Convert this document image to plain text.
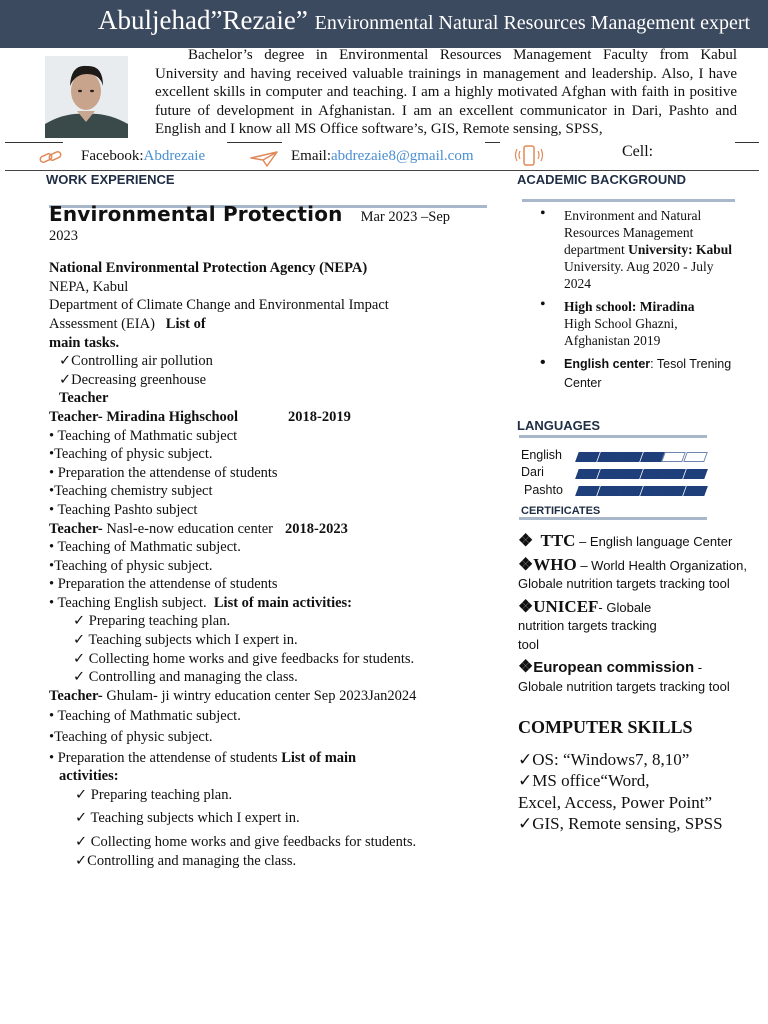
Abuljehad”Rezaie” Environmental Natural Resources Management expert

Bachelor’s degree in Environmental Resources Management Faculty from Kabul University and having received valuable trainings in management and leadership. Also, I have excellent skills in computer and teaching. I am a highly motivated Afghan with faith in positive future of development in Afghanistan. I am an excellent communicator in Dari, Pashto and English and I know all MS Office software’s, GIS, Remote sensing, SPSS,

Facebook:Abdrezaie	Email:abdrezaie8@gmail.com	Cell:
WORK EXPERIENCE	ACADEMIC BACKGROUND
Environmental Protection Mar 2023 –Sep
2023
National Environmental Protection Agency (NEPA)
NEPA, Kabul
Department of Climate Change and Environmental Impact
Assessment (EIA) List of
main tasks.
✓Controlling air pollution
✓Decreasing greenhouse
Teacher
Teacher- Miradina Highschool	2018-2019
• Teaching of Mathmatic subject
•Teaching of physic subject.
• Preparation the attendense of students
•Teaching chemistry subject
• Teaching Pashto subject
Teacher- Nasl-e-now education center 2018-2023
• Teaching of Mathmatic subject.
•Teaching of physic subject.
• Preparation the attendense of students
• Teaching English subject. List of main activities:
✓ Preparing teaching plan.
✓ Teaching subjects which I expert in.
✓ Collecting home works and give feedbacks for students.
✓ Controlling and managing the class.
Teacher- Ghulam- ji wintry education center Sep 2023Jan2024
• Teaching of Mathmatic subject.
•Teaching of physic subject.
• Preparation the attendense of students List of main
activities:
✓ Preparing teaching plan.
✓ Teaching subjects which I expert in.
✓ Collecting home works and give feedbacks for students.
✓Controlling and managing the class.
• Environment and Natural Resources Management department University: Kabul
University. Aug 2020 - July 2024
• High school: Miradina
High School Ghazni, Afghanistan 2019
• English center: Tesol Trening Center
LANGUAGES
English
Dari
Pashto
CERTIFICATES
❖ TTC – English language Center
❖WHO – World Health Organization,
Globale nutrition targets tracking tool
❖UNICEF- Globale nutrition targets tracking tool
❖European commission -
Globale nutrition targets tracking tool
COMPUTER SKILLS
✓OS: “Windows7, 8,10”
✓MS office“Word,
Excel, Access, Power Point”
✓GIS, Remote sensing, SPSS
